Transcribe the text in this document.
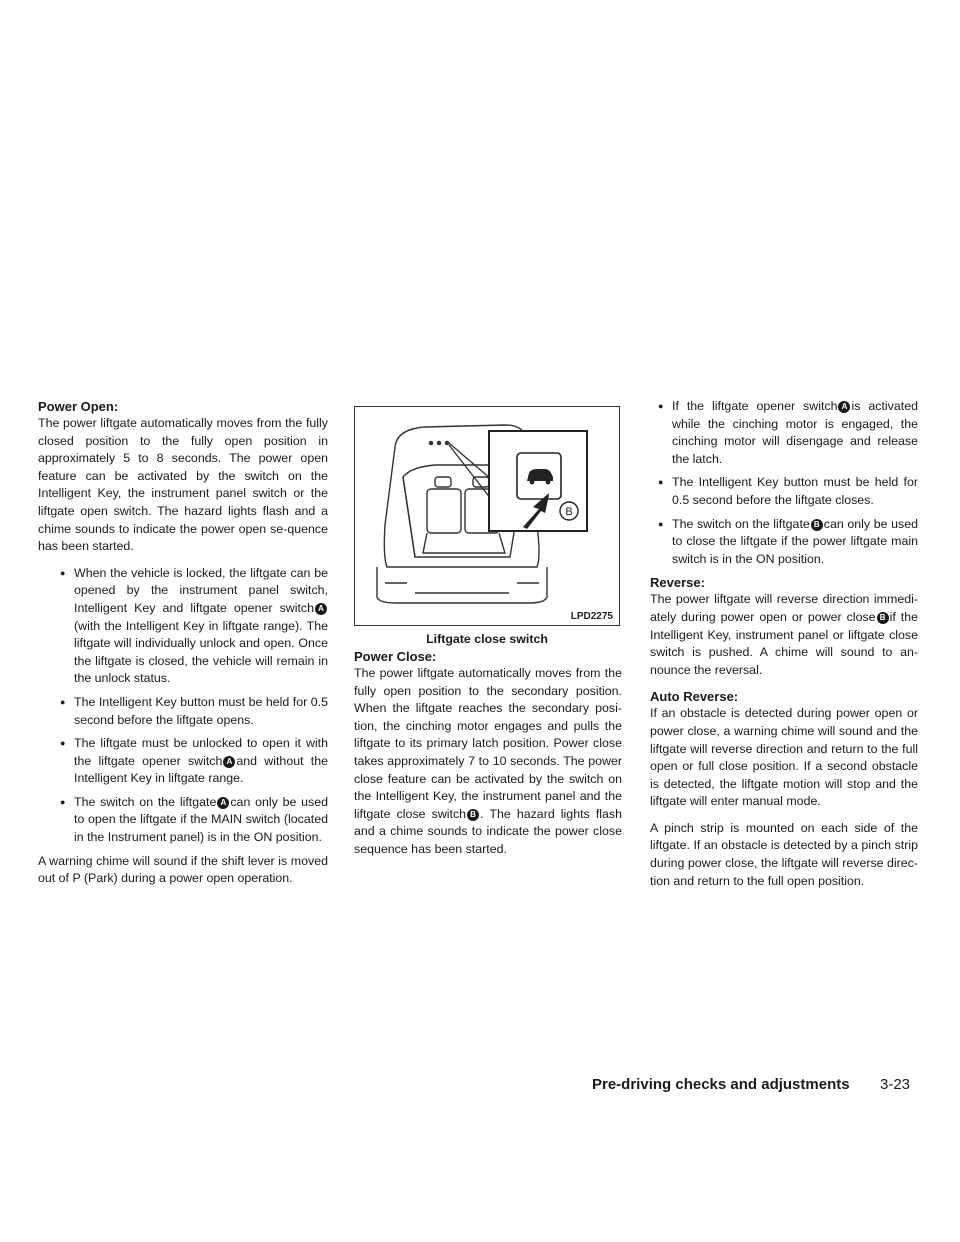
Power Open:

The power liftgate automatically moves from the fully closed position to the fully open position in approximately 5 to 8 seconds. The power open feature can be activated by the switch on the Intelligent Key, the instrument panel switch or the liftgate open switch. The hazard lights flash and a chime sounds to indicate the power open se-quence has been started.

● When the vehicle is locked, the liftgate can be opened by the instrument panel switch, Intelligent Key and liftgate opener switch A(with the Intelligent Key in liftgate range). The liftgate will individually unlock and open. Once the liftgate is closed, the vehicle will remain in the unlock status.
● The Intelligent Key button must be held for 0.5 second before the liftgate opens.
● The liftgate must be unlocked to open it with the liftgate opener switch A and without the Intelligent Key in liftgate range.
● The switch on the liftgate A can only be used to open the liftgate if the MAIN switch (located in the Instrument panel) is in the ON position.

A warning chime will sound if the shift lever is moved out of P (Park) during a power open operation.

B
LPD2275
Liftgate close switch
Power Close:

The power liftgate automatically moves from the fully open position to the secondary position. When the liftgate reaches the secondary posi-tion, the cinching motor engages and pulls the liftgate to its primary latch position. Power close takes approximately 7 to 10 seconds. The power close feature can be activated by the switch on the Intelligent Key, the instrument panel and the liftgate close switch B . The hazard lights flash and a chime sounds to indicate the power close sequence has been started.

● If the liftgate opener switch A is activated while the cinching motor is engaged, the cinching motor will disengage and release the latch.
● The Intelligent Key button must be held for 0.5 second before the liftgate closes.
● The switch on the liftgate B can only be used to close the liftgate if the power liftgate main switch is in the ON position.
Reverse:

The power liftgate will reverse direction immedi-ately during power open or power close B if the Intelligent Key, instrument panel or liftgate close switch is pushed. A chime will sound to an-nounce the reversal.

Auto Reverse:

If an obstacle is detected during power open or power close, a warning chime will sound and the liftgate will reverse direction and return to the full open or full close position. If a second obstacle is detected, the liftgate motion will stop and the liftgate will enter manual mode.

A pinch strip is mounted on each side of the liftgate. If an obstacle is detected by a pinch strip during power close, the liftgate will reverse direc-tion and return to the full open position.

Pre-driving checks and adjustments 3-23
